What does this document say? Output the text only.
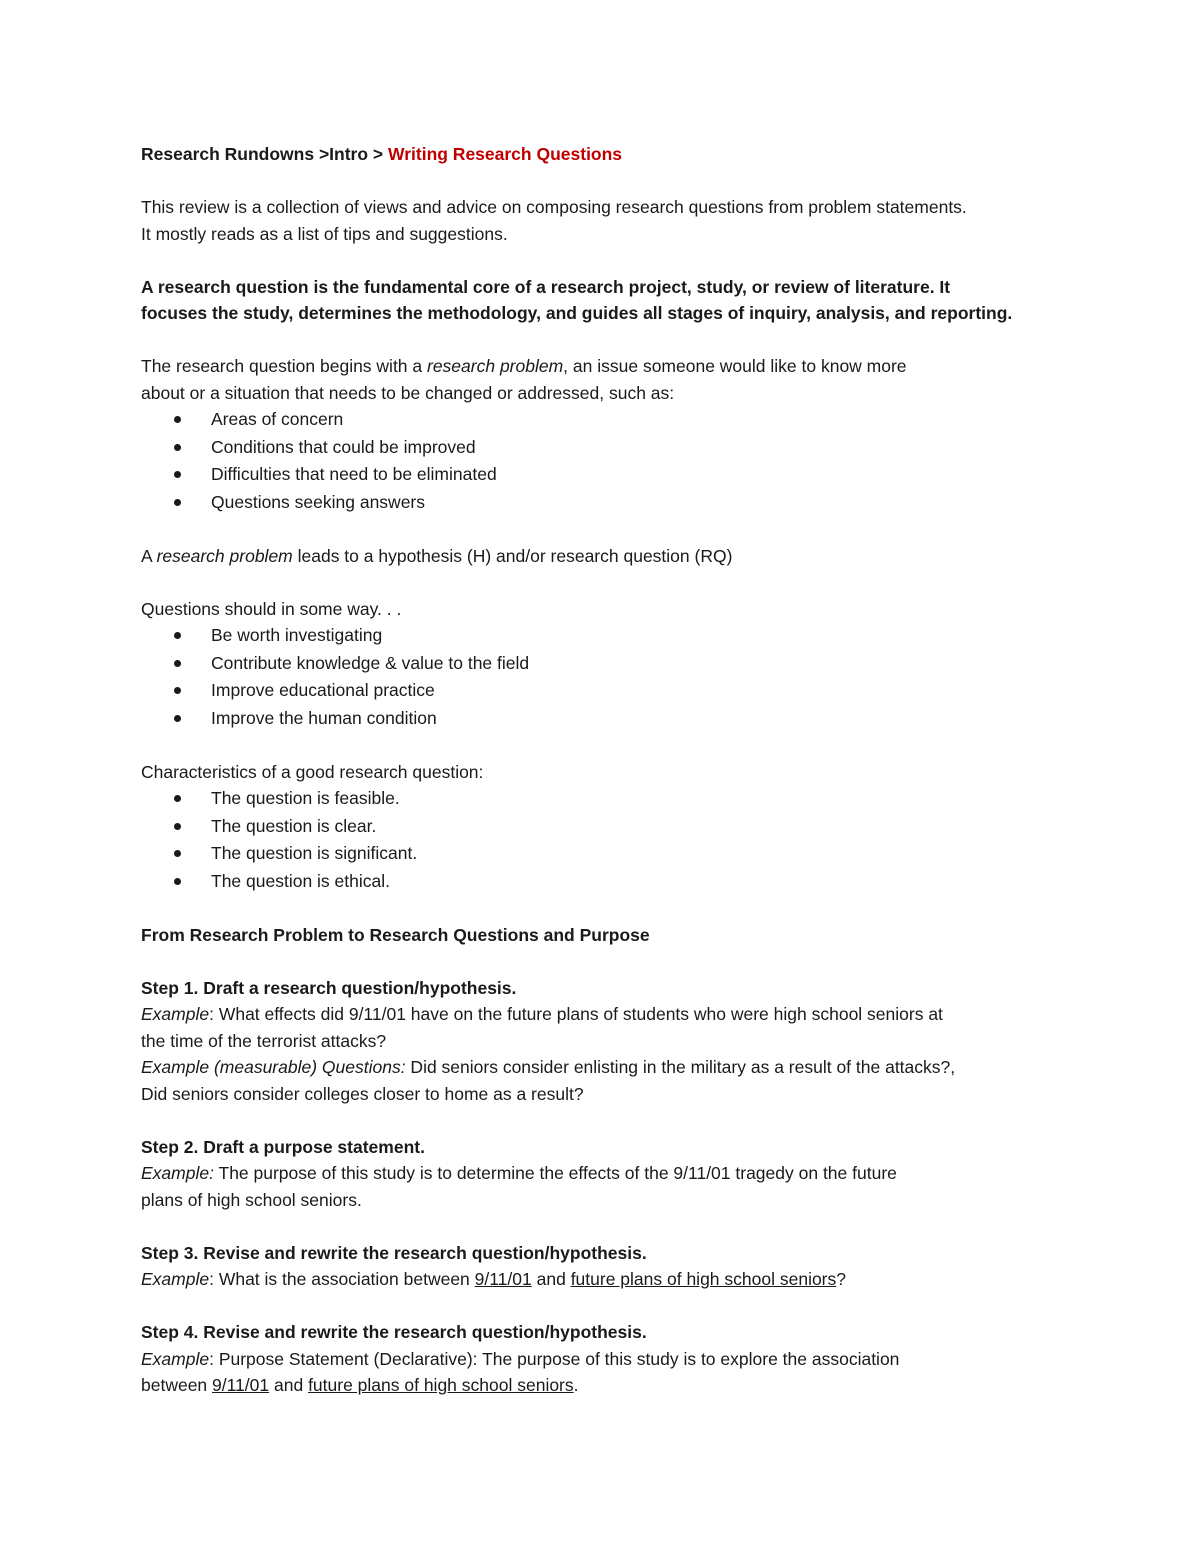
Research Rundowns >Intro > Writing Research Questions

This review is a collection of views and advice on composing research questions from problem statements.

It mostly reads as a list of tips and suggestions.

A research question is the fundamental core of a research project, study, or review of literature. It

focuses the study, determines the methodology, and guides all stages of inquiry, analysis, and reporting.

The research question begins with a research problem, an issue someone would like to know more

about or a situation that needs to be changed or addressed, such as:

Areas of concern
Conditions that could be improved
Difficulties that need to be eliminated
Questions seeking answers

A research problem leads to a hypothesis (H) and/or research question (RQ)

Questions should in some way. . .

Be worth investigating
Contribute knowledge & value to the field
Improve educational practice
Improve the human condition

Characteristics of a good research question:

The question is feasible.
The question is clear.
The question is significant.
The question is ethical.

From Research Problem to Research Questions and Purpose

Step 1. Draft a research question/hypothesis.

Example: What effects did 9/11/01 have on the future plans of students who were high school seniors at

the time of the terrorist attacks?

Example (measurable) Questions: Did seniors consider enlisting in the military as a result of the attacks?,

Did seniors consider colleges closer to home as a result?

Step 2. Draft a purpose statement.

Example: The purpose of this study is to determine the effects of the 9/11/01 tragedy on the future

plans of high school seniors.

Step 3. Revise and rewrite the research question/hypothesis.

Example: What is the association between 9/11/01 and future plans of high school seniors?

Step 4. Revise and rewrite the research question/hypothesis.

Example: Purpose Statement (Declarative): The purpose of this study is to explore the association

between 9/11/01 and future plans of high school seniors.
